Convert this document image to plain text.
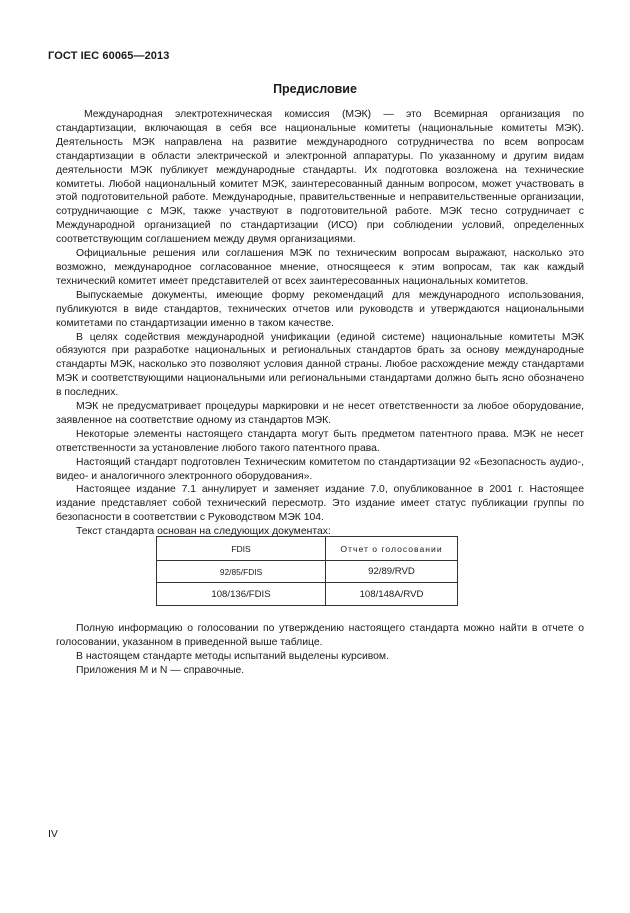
ГОСТ IEC 60065—2013
Предисловие

Международная электротехническая комиссия (МЭК) — это Всемирная организация по стандартизации, включающая в себя все национальные комитеты (национальные комитеты МЭК). Деятельность МЭК направлена на развитие международного сотрудничества по всем вопросам стандартизации в области электрической и электронной аппаратуры. По указанному и другим видам деятельности МЭК публикует международные стандарты. Их подготовка возложена на технические комитеты. Любой национальный комитет МЭК, заинтересованный данным вопросом, может участвовать в этой подготовительной работе. Международные, правительственные и неправительственные организации, сотрудничающие с МЭК, также участвуют в подготовительной работе. МЭК тесно сотрудничает с Международной организацией по стандартизации (ИСО) при соблюдении условий, определенных соответствующим соглашением между двумя организациями.

Официальные решения или соглашения МЭК по техническим вопросам выражают, насколько это возможно, международное согласованное мнение, относящееся к этим вопросам, так как каждый технический комитет имеет представителей от всех заинтересованных национальных комитетов.

Выпускаемые документы, имеющие форму рекомендаций для международного использования, публикуются в виде стандартов, технических отчетов или руководств и утверждаются национальными комитетами по стандартизации именно в таком качестве.

В целях содействия международной унификации (единой системе) национальные комитеты МЭК обязуются при разработке национальных и региональных стандартов брать за основу международные стандарты МЭК, насколько это позволяют условия данной страны. Любое расхождение между стандартами МЭК и соответствующими национальными или региональными стандартами должно быть ясно обозначено в последних.

МЭК не предусматривает процедуры маркировки и не несет ответственности за любое оборудование, заявленное на соответствие одному из стандартов МЭК.

Некоторые элементы настоящего стандарта могут быть предметом патентного права. МЭК не несет ответственности за установление любого такого патентного права.

Настоящий стандарт подготовлен Техническим комитетом по стандартизации 92 «Безопасность аудио-, видео- и аналогичного электронного оборудования».

Настоящее издание 7.1 аннулирует и заменяет издание 7.0, опубликованное в 2001 г. Настоящее издание представляет собой технический пересмотр. Это издание имеет статус публикации группы по безопасности в соответствии с Руководством МЭК 104.

Текст стандарта основан на следующих документах:

FDIS	Отчет о голосовании
92/85/FDIS	92/89/RVD
108/136/FDIS	108/148A/RVD

Полную информацию о голосовании по утверждению настоящего стандарта можно найти в отчете о голосовании, указанном в приведенной выше таблице.

В настоящем стандарте методы испытаний выделены курсивом.

Приложения M и N — справочные.

IV
